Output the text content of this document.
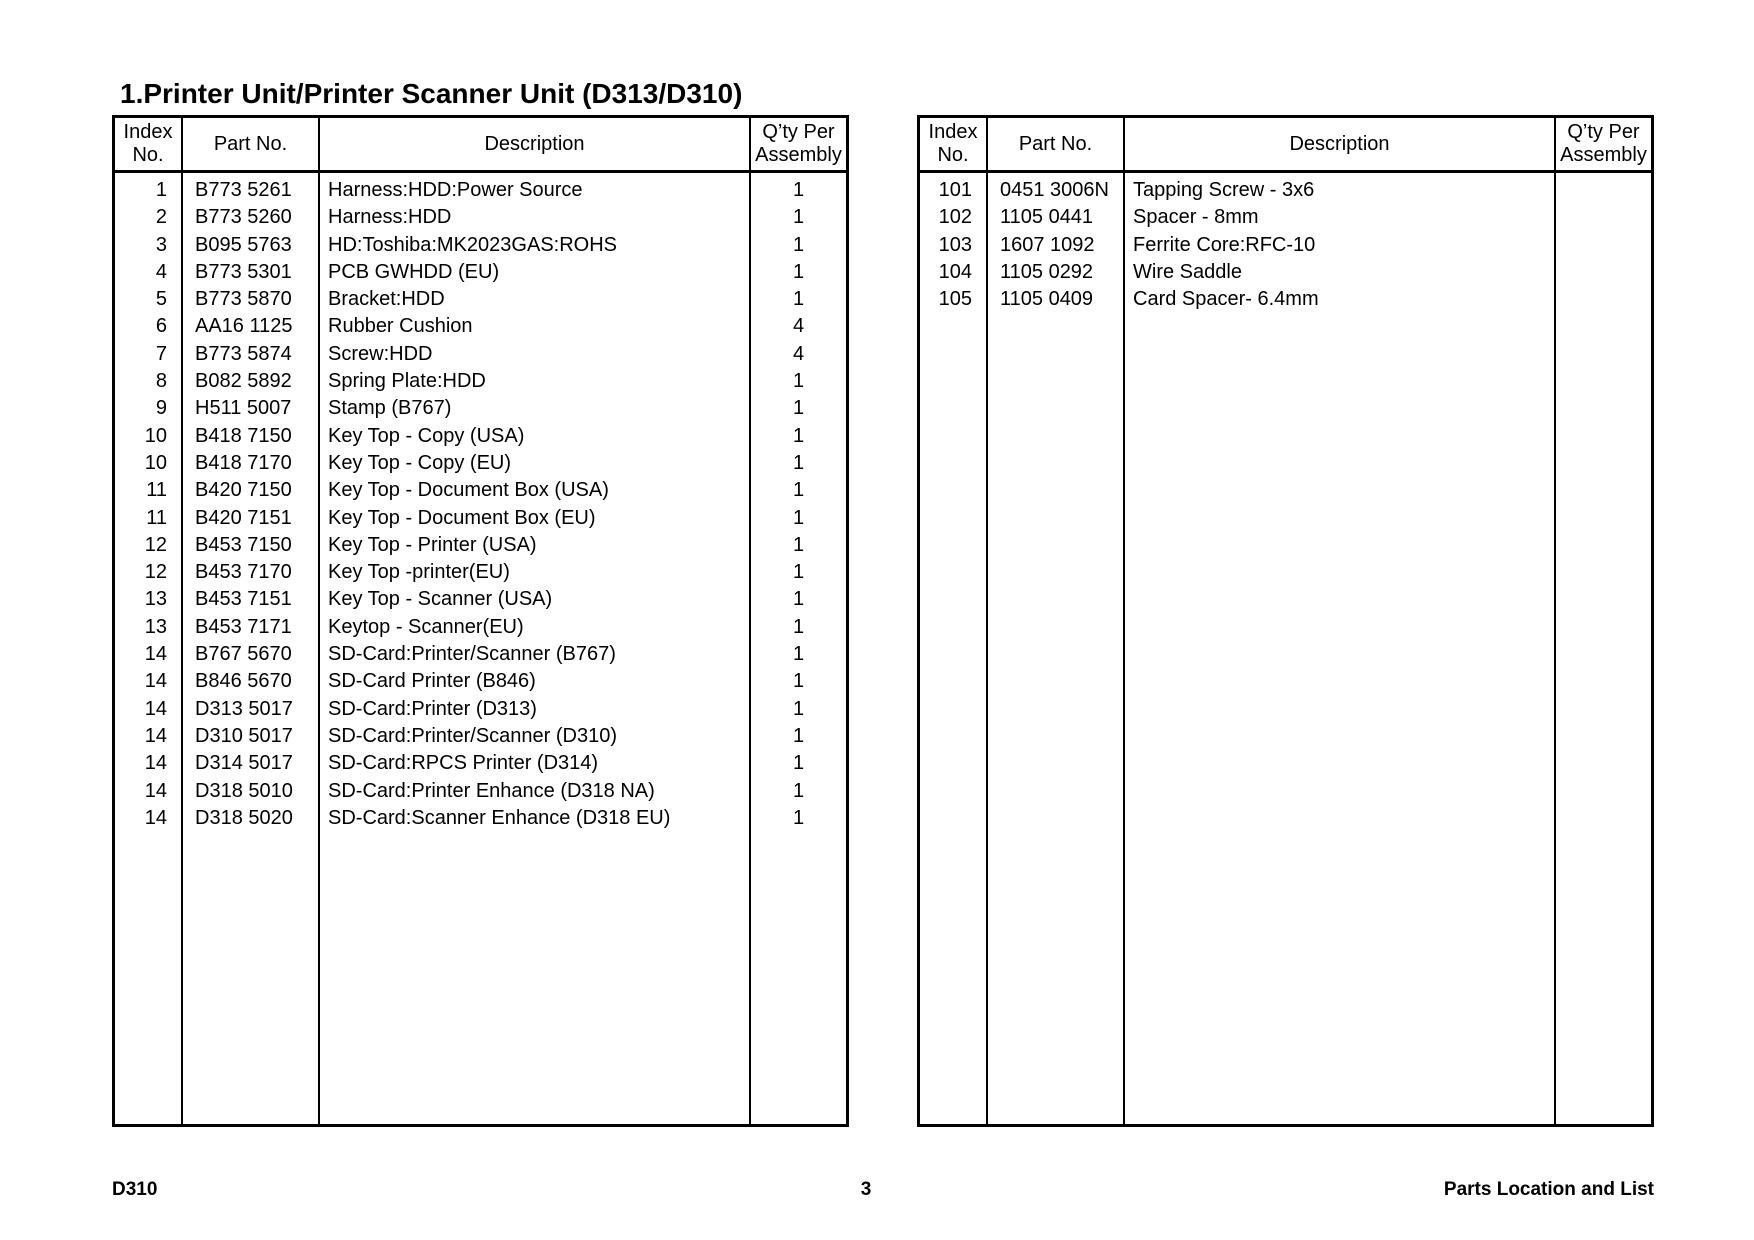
1.Printer Unit/Printer Scanner Unit (D313/D310)
Index
No.
Part No.	Description
Q’ty Per
Assembly
1 B773 5261	Harness:HDD:Power Source	1
2 B773 5260	Harness:HDD	1
3 B095 5763	HD:Toshiba:MK2023GAS:ROHS	1
4 B773 5301	PCB GWHDD (EU)	1
5 B773 5870	Bracket:HDD	1
6 AA16 1125	Rubber Cushion	4
7 B773 5874	Screw:HDD	4
8 B082 5892	Spring Plate:HDD	1
9 H511 5007	Stamp (B767)	1
10 B418 7150	Key Top - Copy (USA)	1
10 B418 7170	Key Top - Copy (EU)	1
11 B420 7150	Key Top - Document Box (USA)	1
11 B420 7151	Key Top - Document Box (EU)	1
12 B453 7150	Key Top - Printer (USA)	1
12 B453 7170	Key Top -printer(EU)	1
13 B453 7151	Key Top - Scanner (USA)	1
13 B453 7171	Keytop - Scanner(EU)	1
14 B767 5670	SD-Card:Printer/Scanner (B767)	1
14 B846 5670	SD-Card Printer (B846)	1
14 D313 5017	SD-Card:Printer (D313)	1
14 D310 5017	SD-Card:Printer/Scanner (D310)	1
14 D314 5017	SD-Card:RPCS Printer (D314)	1
14 D318 5010	SD-Card:Printer Enhance (D318 NA)	1
14 D318 5020	SD-Card:Scanner Enhance (D318 EU)	1
Index
No.
Part No.	Description
Q’ty Per
Assembly
101 0451 3006N	Tapping Screw - 3x6
102 1105 0441	Spacer - 8mm
103 1607 1092	Ferrite Core:RFC-10
104 1105 0292	Wire Saddle
105 1105 0409	Card Spacer- 6.4mm
D310	3	Parts Location and List
